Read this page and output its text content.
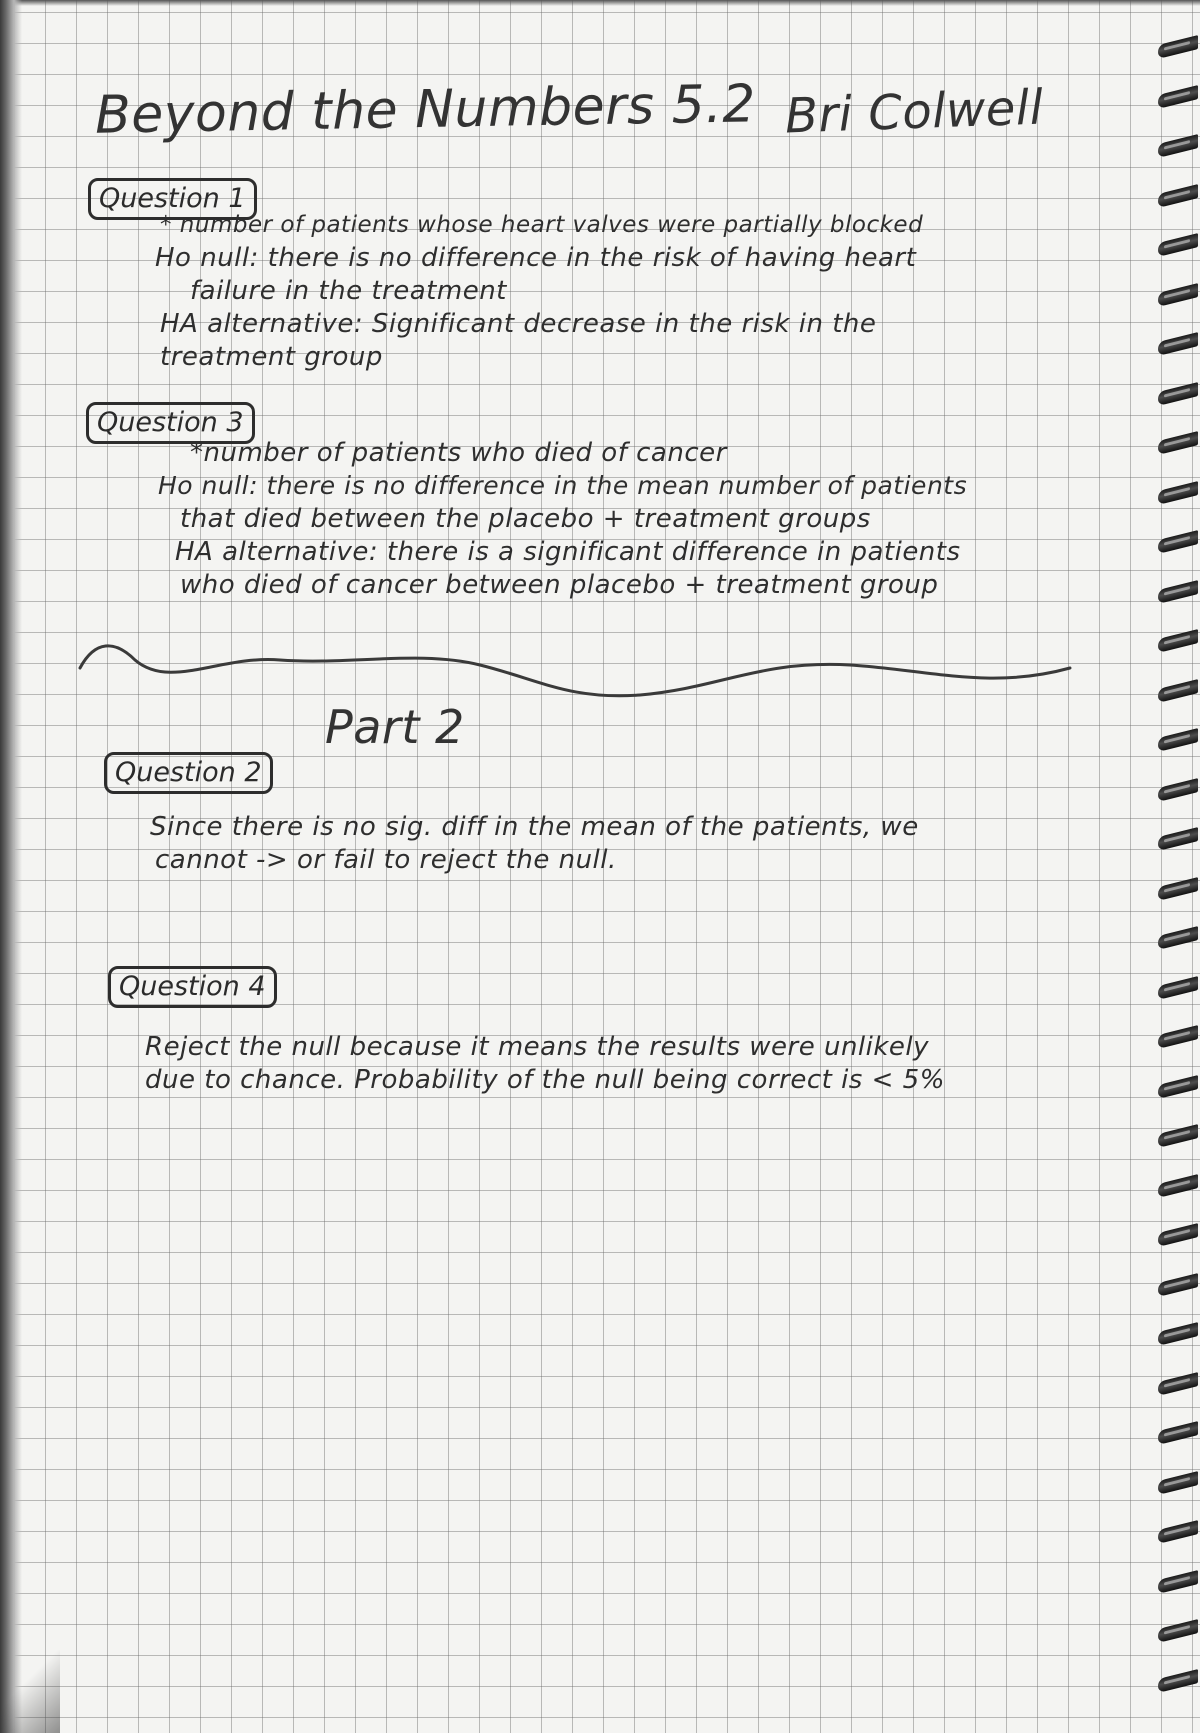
Beyond the Numbers 5.2 Bri Colwell
Question 1
* number of patients whose heart valves were partially blocked
Ho null: there is no difference in the risk of having heart
failure in the treatment
HA alternative: Significant decrease in the risk in the
treatment group
Question 3
*number of patients who died of cancer
Ho null: there is no difference in the mean number of patients
that died between the placebo + treatment groups
HA alternative: there is a significant difference in patients
who died of cancer between placebo + treatment group
Part 2
Question 2
Since there is no sig. diff in the mean of the patients, we
cannot -> or fail to reject the null.
Question 4
Reject the null because it means the results were unlikely
due to chance. Probability of the null being correct is < 5%
